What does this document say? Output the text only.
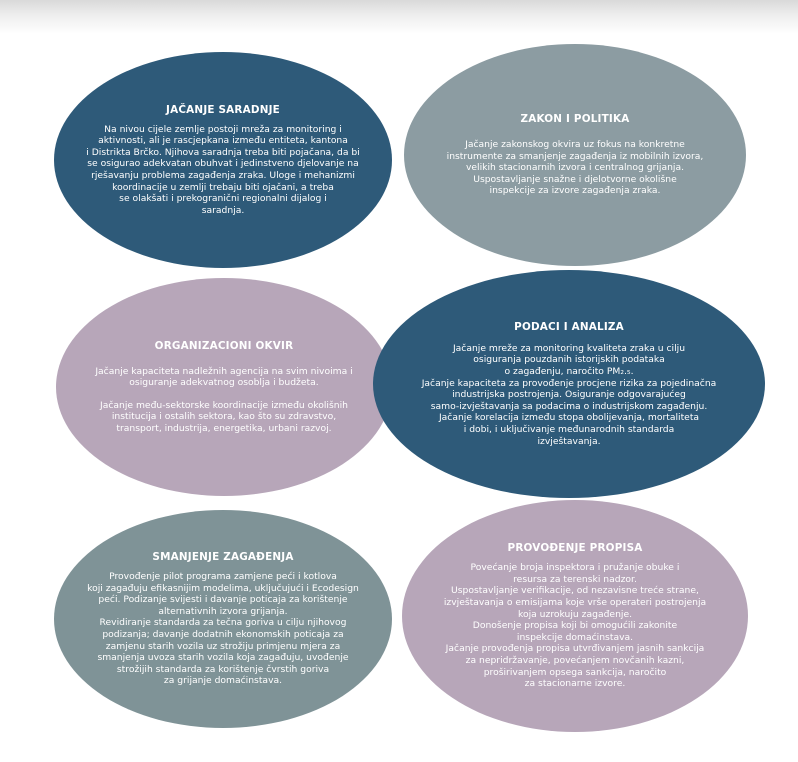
JAČANJE SARADNJE

Na nivou cijele zemlje postoji mreža za monitoring i

aktivnosti, ali je rascjepkana između entiteta, kantona

i Distrikta Brčko. Njihova saradnja treba biti pojačana, da bi

se osigurao adekvatan obuhvat i jedinstveno djelovanje na

rješavanju problema zagađenja zraka. Uloge i mehanizmi

koordinacije u zemlji trebaju biti ojačani, a treba

se olakšati i prekogranični regionalni dijalog i

saradnja.

ZAKON I POLITIKA

Jačanje zakonskog okvira uz fokus na konkretne

instrumente za smanjenje zagađenja iz mobilnih izvora,

velikih stacionarnih izvora i centralnog grijanja.

Uspostavljanje snažne i djelotvorne okolišne

inspekcije za izvore zagađenja zraka.

ORGANIZACIONI OKVIR

Jačanje kapaciteta nadležnih agencija na svim nivoima i

osiguranje adekvatnog osoblja i budžeta.

Jačanje među-sektorske koordinacije između okolišnih

institucija i ostalih sektora, kao što su zdravstvo,

transport, industrija, energetika, urbani razvoj.

PODACI I ANALIZA

Jačanje mreže za monitoring kvaliteta zraka u cilju

osiguranja pouzdanih istorijskih podataka

o zagađenju, naročito PM₂.₅.

Jačanje kapaciteta za provođenje procjene rizika za pojedinačna

industrijska postrojenja. Osiguranje odgovarajućeg

samo-izvještavanja sa podacima o industrijskom zagađenju.

Jačanje korelacija između stopa obolijevanja, mortaliteta

i dobi, i uključivanje međunarodnih standarda

izvještavanja.

SMANJENJE ZAGAĐENJA

Provođenje pilot programa zamjene peći i kotlova

koji zagađuju efikasnijim modelima, uključujući i Ecodesign

peći. Podizanje svijesti i davanje poticaja za korištenje

alternativnih izvora grijanja.

Revidiranje standarda za tečna goriva u cilju njihovog

podizanja; davanje dodatnih ekonomskih poticaja za

zamjenu starih vozila uz strožiju primjenu mjera za

smanjenja uvoza starih vozila koja zagađuju, uvođenje

strožijih standarda za korištenje čvrstih goriva

za grijanje domaćinstava.

PROVOĐENJE PROPISA

Povećanje broja inspektora i pružanje obuke i

resursa za terenski nadzor.

Uspostavljanje verifikacije, od nezavisne treće strane,

izvještavanja o emisijama koje vrše operateri postrojenja

koja uzrokuju zagađenje.

Donošenje propisa koji bi omogućili zakonite

inspekcije domaćinstava.

Jačanje provođenja propisa utvrđivanjem jasnih sankcija

za nepridržavanje, povećanjem novčanih kazni,

proširivanjem opsega sankcija, naročito

za stacionarne izvore.
